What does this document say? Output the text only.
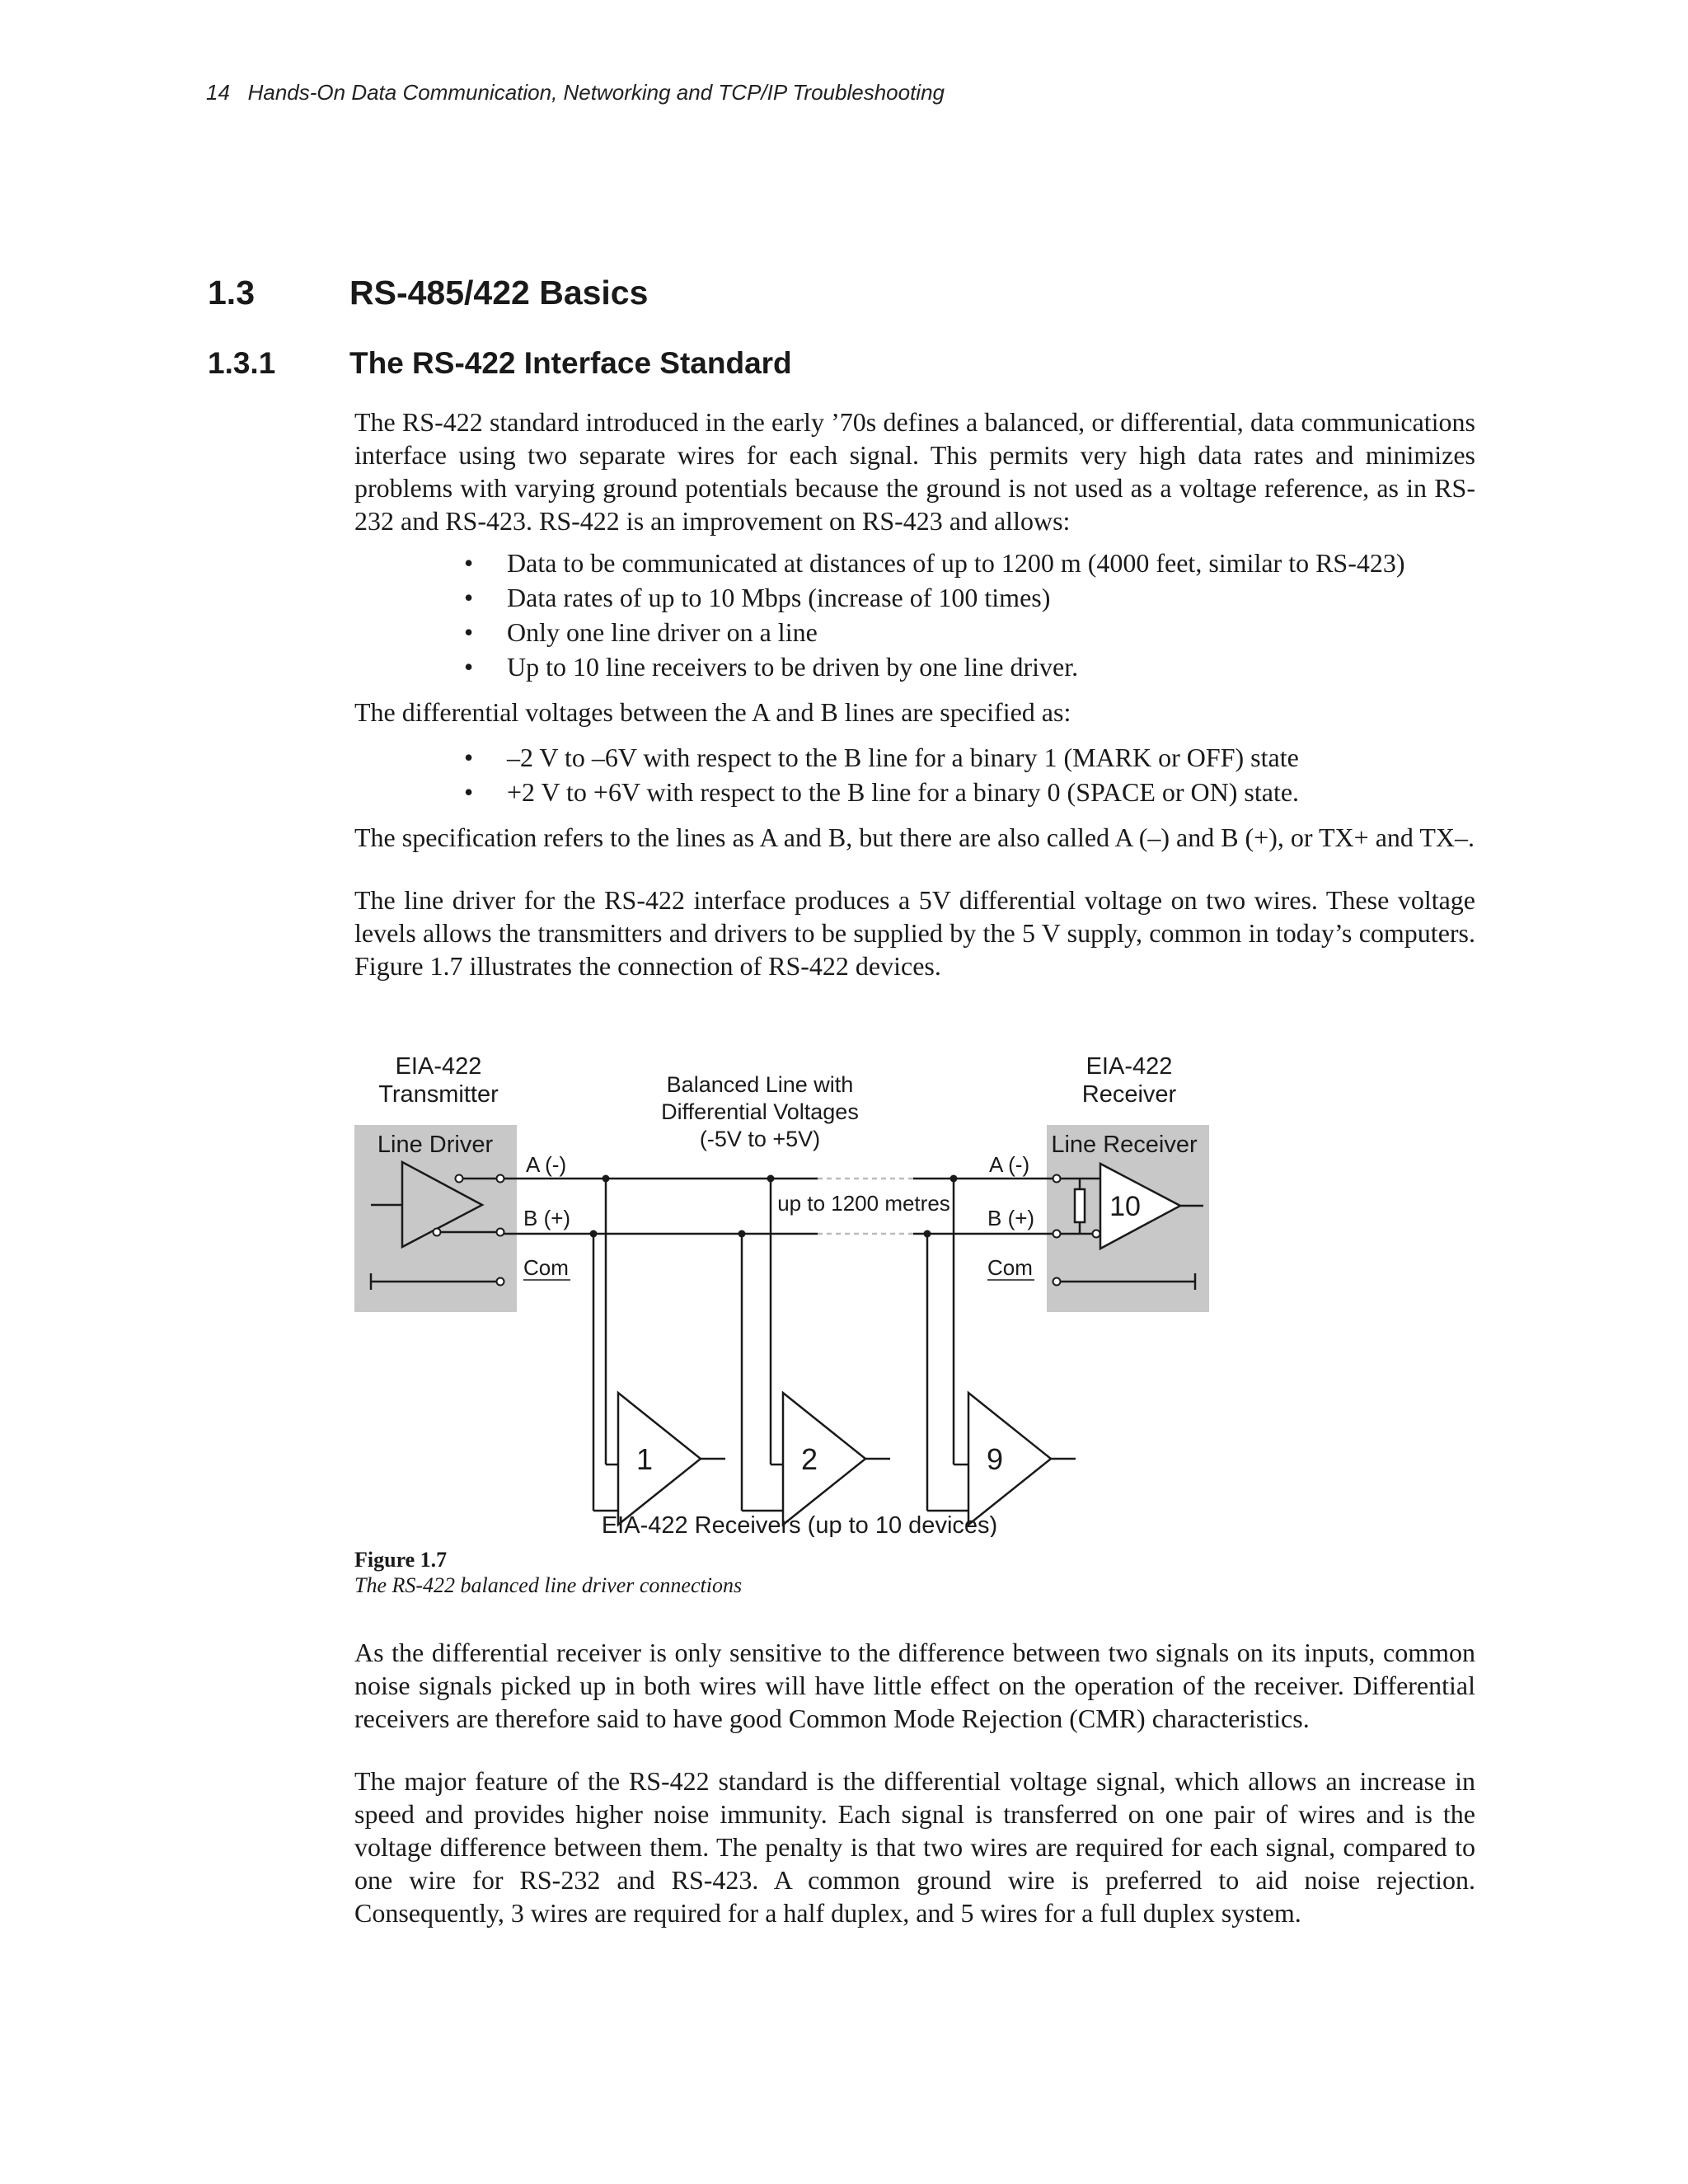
14 Hands-On Data Communication, Networking and TCP/IP Troubleshooting
1.3	RS-485/422 Basics
1.3.1 The RS-422 Interface Standard

The RS-422 standard introduced in the early ’70s defines a balanced, or differential, data communications interface using two separate wires for each signal. This permits very high data rates and minimizes problems with varying ground potentials because the ground is not used as a voltage reference, as in RS-232 and RS-423. RS-422 is an improvement on RS-423 and allows:

• Data to be communicated at distances of up to 1200 m (4000 feet, similar to RS-423)
• Data rates of up to 10 Mbps (increase of 100 times)
• Only one line driver on a line
• Up to 10 line receivers to be driven by one line driver.

The differential voltages between the A and B lines are specified as:

• –2 V to –6V with respect to the B line for a binary 1 (MARK or OFF) state
• +2 V to +6V with respect to the B line for a binary 0 (SPACE or ON) state.

The specification refers to the lines as A and B, but there are also called A (–) and B (+), or TX+ and TX–.

The line driver for the RS-422 interface produces a 5V differential voltage on two wires. These voltage levels allows the transmitters and drivers to be supplied by the 5 V supply, common in today’s computers. Figure 1.7 illustrates the connection of RS-422 devices.

EIA-422
Transmitter
EIA-422
Receiver
Balanced Line with
Differential Voltages
(-5V to +5V)
Line Driver	Line Receiver
A (-)
B (+)
Com
A (-)
B (+)
Com
up to 1200 metres	10
1	2	9
EIA-422 Receivers (up to 10 devices)
Figure 1.7
The RS-422 balanced line driver connections

As the differential receiver is only sensitive to the difference between two signals on its inputs, common noise signals picked up in both wires will have little effect on the operation of the receiver. Differential receivers are therefore said to have good Common Mode Rejection (CMR) characteristics.

The major feature of the RS-422 standard is the differential voltage signal, which allows an increase in speed and provides higher noise immunity. Each signal is transferred on one pair of wires and is the voltage difference between them. The penalty is that two wires are required for each signal, compared to one wire for RS-232 and RS-423. A common ground wire is preferred to aid noise rejection. Consequently, 3 wires are required for a half duplex, and 5 wires for a full duplex system.
